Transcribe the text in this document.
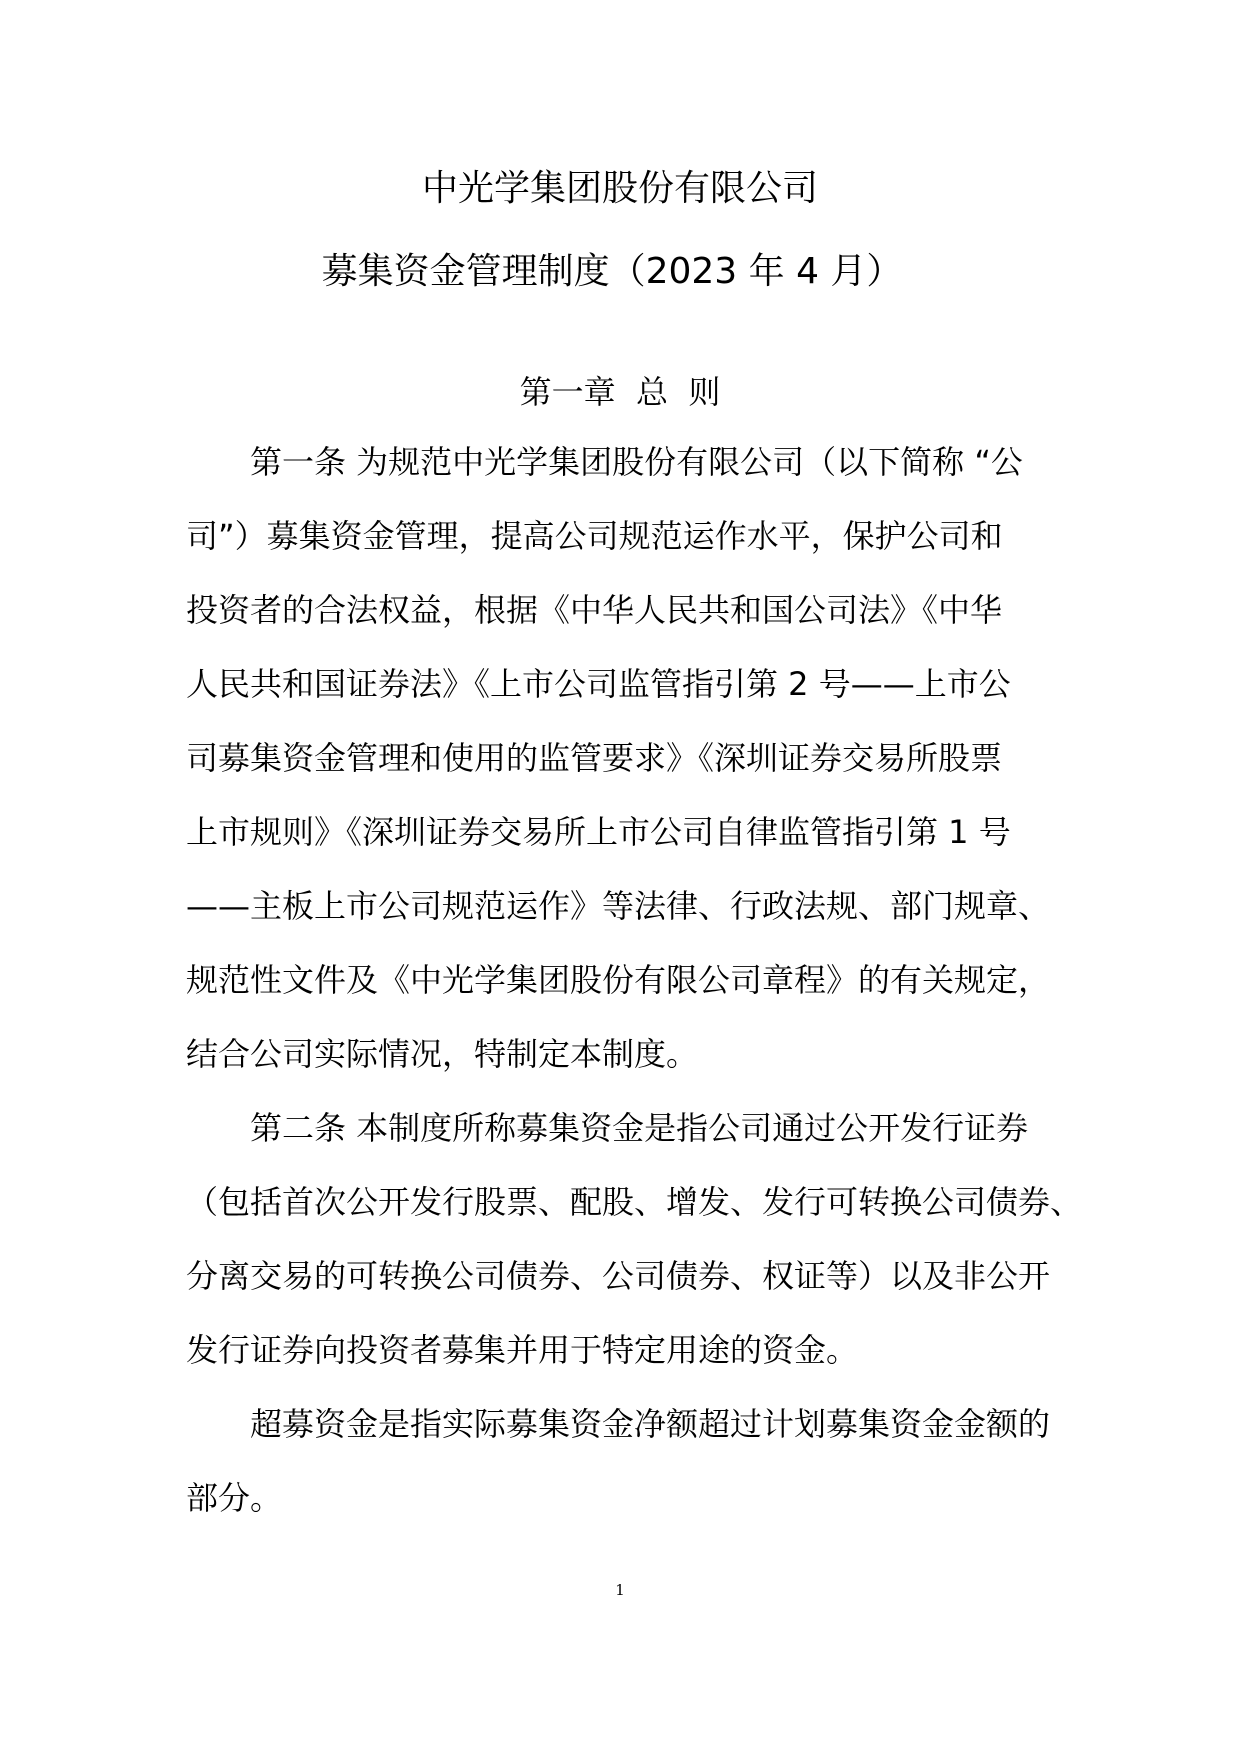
中光学集团股份有限公司
募集资金管理制度（2023 年 4 月）
第一章  总  则
　　第一条 为规范中光学集团股份有限公司（以下简称 “公
司”）募集资金管理，提高公司规范运作水平，保护公司和
投资者的合法权益，根据《中华人民共和国公司法》《中华
人民共和国证券法》《上市公司监管指引第 2 号——上市公
司募集资金管理和使用的监管要求》《深圳证券交易所股票
上市规则》《深圳证券交易所上市公司自律监管指引第 1 号
——主板上市公司规范运作》等法律、行政法规、部门规章、
规范性文件及《中光学集团股份有限公司章程》的有关规定，
结合公司实际情况，特制定本制度。
　　第二条 本制度所称募集资金是指公司通过公开发行证券
（包括首次公开发行股票、配股、增发、发行可转换公司债券、
分离交易的可转换公司债券、公司债券、权证等）以及非公开
发行证券向投资者募集并用于特定用途的资金。
　　超募资金是指实际募集资金净额超过计划募集资金金额的
部分。
1
